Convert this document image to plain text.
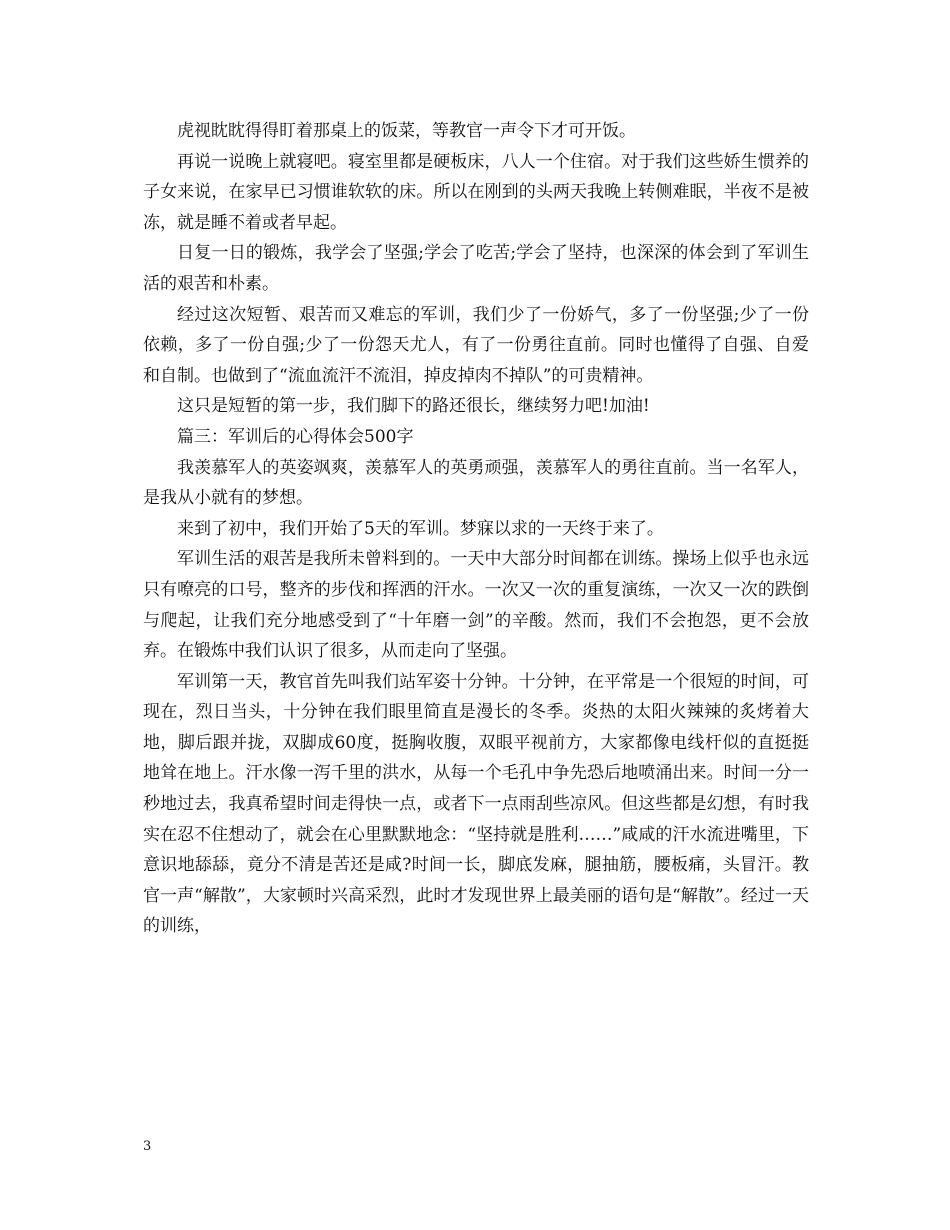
虎视眈眈得得盯着那桌上的饭菜，等教官一声令下才可开饭。

再说一说晚上就寝吧。寝室里都是硬板床，八人一个住宿。对于我们这些娇生惯养的子女来说，在家早已习惯谁软软的床。所以在刚到的头两天我晚上转侧难眠，半夜不是被冻，就是睡不着或者早起。

日复一日的锻炼，我学会了坚强;学会了吃苦;学会了坚持，也深深的体会到了军训生活的艰苦和朴素。

经过这次短暂、艰苦而又难忘的军训，我们少了一份娇气，多了一份坚强;少了一份依赖，多了一份自强;少了一份怨天尤人，有了一份勇往直前。同时也懂得了自强、自爱和自制。也做到了“流血流汗不流泪，掉皮掉肉不掉队”的可贵精神。

这只是短暂的第一步，我们脚下的路还很长，继续努力吧!加油!

篇三：军训后的心得体会500字

我羡慕军人的英姿飒爽，羡慕军人的英勇顽强，羡慕军人的勇往直前。当一名军人，是我从小就有的梦想。

来到了初中，我们开始了5天的军训。梦寐以求的一天终于来了。

军训生活的艰苦是我所未曾料到的。一天中大部分时间都在训练。操场上似乎也永远只有嘹亮的口号，整齐的步伐和挥洒的汗水。一次又一次的重复演练，一次又一次的跌倒与爬起，让我们充分地感受到了“十年磨一剑”的辛酸。然而，我们不会抱怨，更不会放弃。在锻炼中我们认识了很多，从而走向了坚强。

军训第一天，教官首先叫我们站军姿十分钟。十分钟，在平常是一个很短的时间，可现在，烈日当头，十分钟在我们眼里简直是漫长的冬季。炎热的太阳火辣辣的炙烤着大地，脚后跟并拢，双脚成60度，挺胸收腹，双眼平视前方，大家都像电线杆似的直挺挺地耸在地上。汗水像一泻千里的洪水，从每一个毛孔中争先恐后地喷涌出来。时间一分一秒地过去，我真希望时间走得快一点，或者下一点雨刮些凉风。但这些都是幻想，有时我实在忍不住想动了，就会在心里默默地念：“坚持就是胜利……”咸咸的汗水流进嘴里，下意识地舔舔，竟分不清是苦还是咸?时间一长，脚底发麻，腿抽筋，腰板痛，头冒汗。教官一声“解散”，大家顿时兴高采烈，此时才发现世界上最美丽的语句是“解散”。经过一天的训练，

3
